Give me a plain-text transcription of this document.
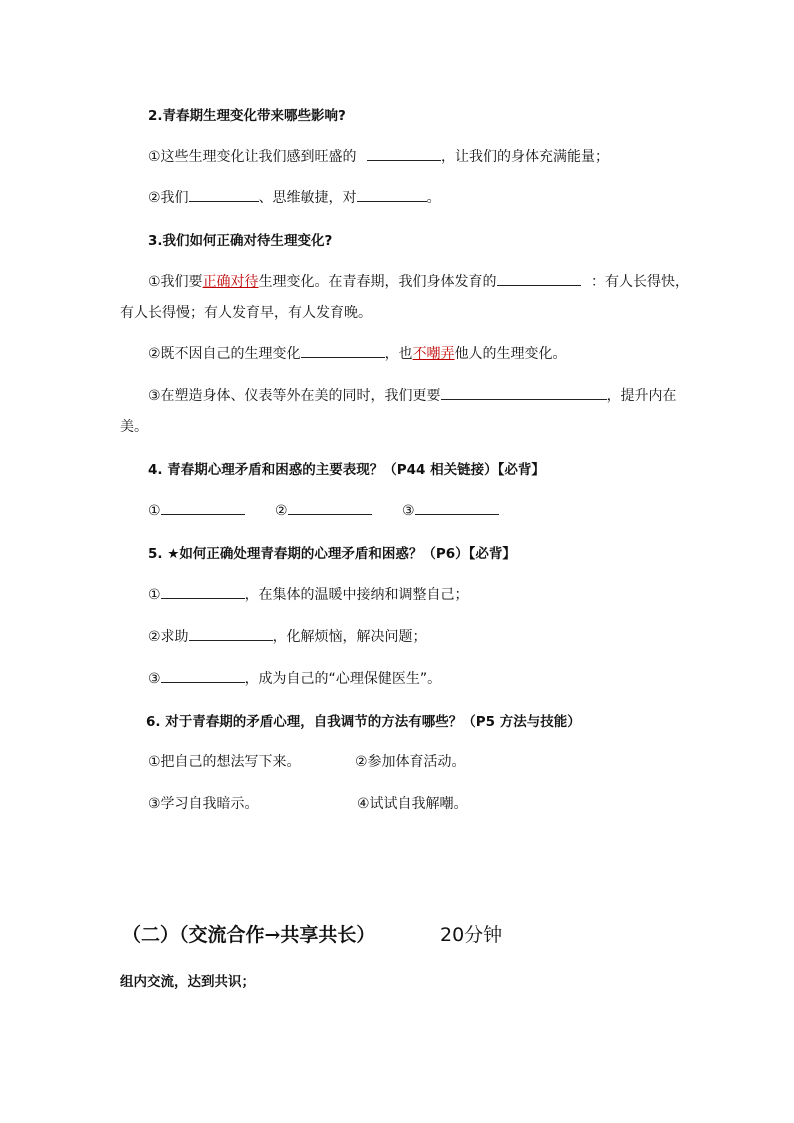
2.青春期生理变化带来哪些影响?
①这些生理变化让我们感到旺盛的	，让我们的身体充满能量；
②我们	、思维敏捷，对	。
3.我们如何正确对待生理变化?
①我们要正确对待生理变化。在青春期，我们身体发育的	：有人长得快，
有人长得慢；有人发育早，有人发育晚。
②既不因自己的生理变化	，也不嘲弄他人的生理变化。
③在塑造身体、仪表等外在美的同时，我们更要	，提升内在
美。
4. 青春期心理矛盾和困惑的主要表现？（P44 相关链接）【必背】
①	②	③
5. ★如何正确处理青春期的心理矛盾和困惑？（P6）【必背】
①	，在集体的温暖中接纳和调整自己；
②求助	，化解烦恼，解决问题；
③	，成为自己的“心理保健医生”。
6. 对于青春期的矛盾心理，自我调节的方法有哪些？（P5 方法与技能）
①把自己的想法写下来。	②参加体育活动。
③学习自我暗示。	④试试自我解嘲。
（二）（交流合作→共享共长）	20分钟
组内交流，达到共识；
